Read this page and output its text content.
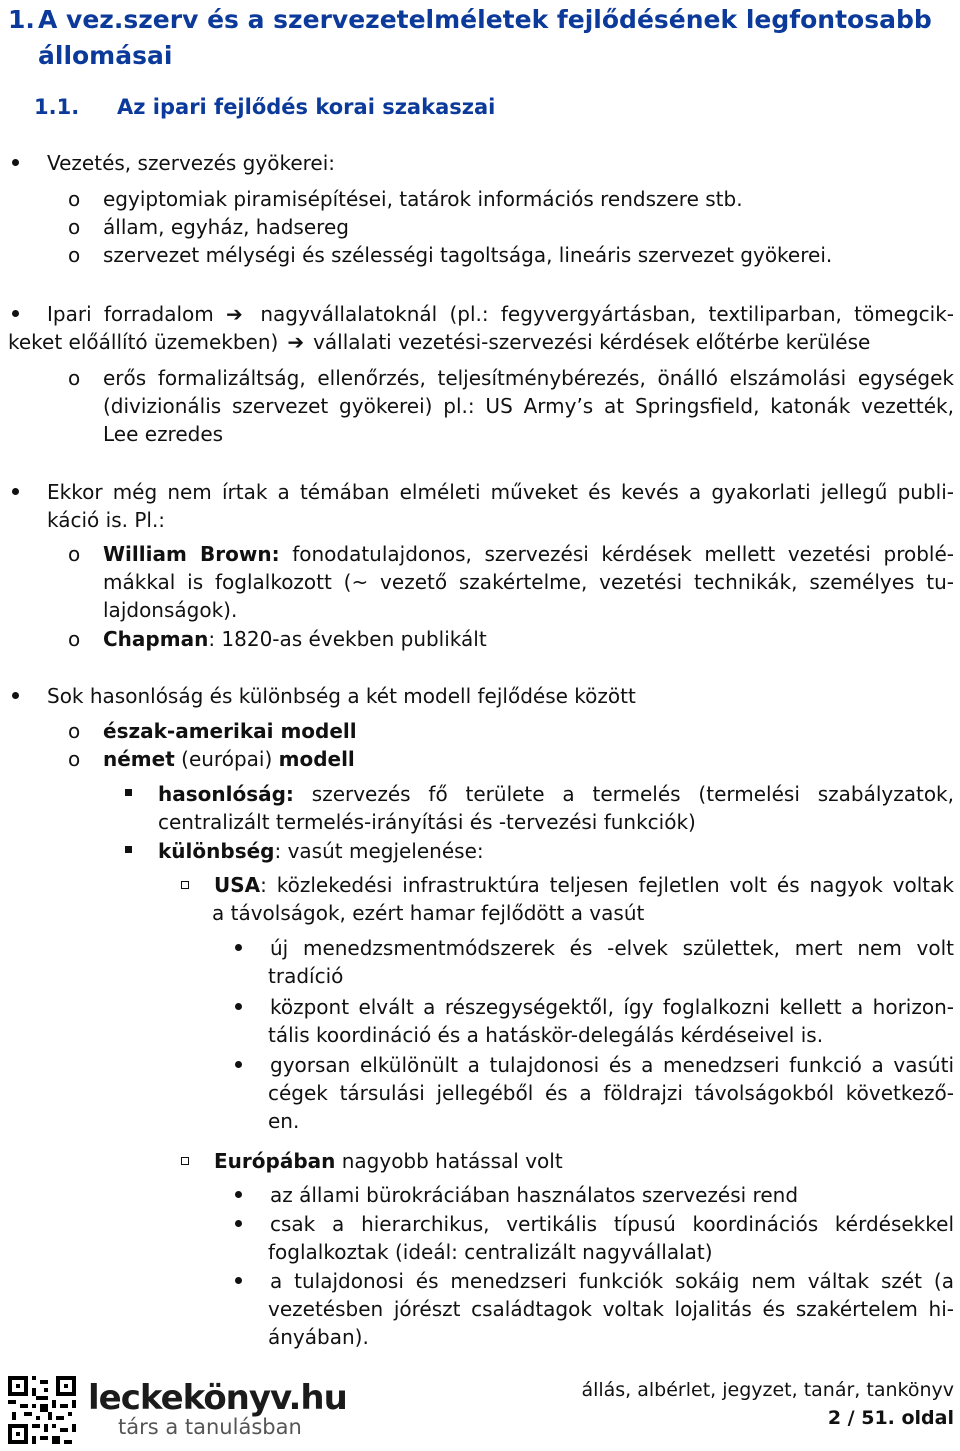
1. A vez.szerv és a szervezetelméletek fejlődésének legfontosabb
állomásai
1.1. Az ipari fejlődés korai szakaszai
Vezetés, szervezés gyökerei:
o egyiptomiak piramisépítései, tatárok információs rendszere stb.
o állam, egyház, hadsereg
o szervezet mélységi és szélességi tagoltsága, lineáris szervezet gyökerei.
Ipari forradalom ➔ nagyvállalatoknál (pl.: fegyvergyártásban, textiliparban, tömegcik-
keket előállító üzemekben) ➔ vállalati vezetési-szervezési kérdések előtérbe kerülése
o erős formalizáltság, ellenőrzés, teljesítménybérezés, önálló elszámolási egységek
(divizionális szervezet gyökerei) pl.: US Army’s at Springsfield, katonák vezették,
Lee ezredes
Ekkor még nem írtak a témában elméleti műveket és kevés a gyakorlati jellegű publi-
káció is. Pl.:
o William Brown: fonodatulajdonos, szervezési kérdések mellett vezetési problé-
mákkal is foglalkozott (~ vezető szakértelme, vezetési technikák, személyes tu-
lajdonságok).
o Chapman: 1820-as években publikált
Sok hasonlóság és különbség a két modell fejlődése között
o észak-amerikai modell
o német (európai) modell
hasonlóság: szervezés fő területe a termelés (termelési szabályzatok,
centralizált termelés-irányítási és -tervezési funkciók)
különbség: vasút megjelenése:
USA: közlekedési infrastruktúra teljesen fejletlen volt és nagyok voltak
a távolságok, ezért hamar fejlődött a vasút
új menedzsmentmódszerek és -elvek születtek, mert nem volt
tradíció
központ elvált a részegységektől, így foglalkozni kellett a horizon-
tális koordináció és a hatáskör-delegálás kérdéseivel is.
gyorsan elkülönült a tulajdonosi és a menedzseri funkció a vasúti
cégek társulási jellegéből és a földrajzi távolságokból következő-
en.
Európában nagyobb hatással volt
az állami bürokráciában használatos szervezési rend
csak a hierarchikus, vertikális típusú koordinációs kérdésekkel
foglalkoztak (ideál: centralizált nagyvállalat)
a tulajdonosi és menedzseri funkciók sokáig nem váltak szét (a
vezetésben jórészt családtagok voltak lojalitás és szakértelem hi-
ányában).
leckekönyv.hu
társ a tanulásban
állás, albérlet, jegyzet, tanár, tankönyv
2 / 51. oldal
